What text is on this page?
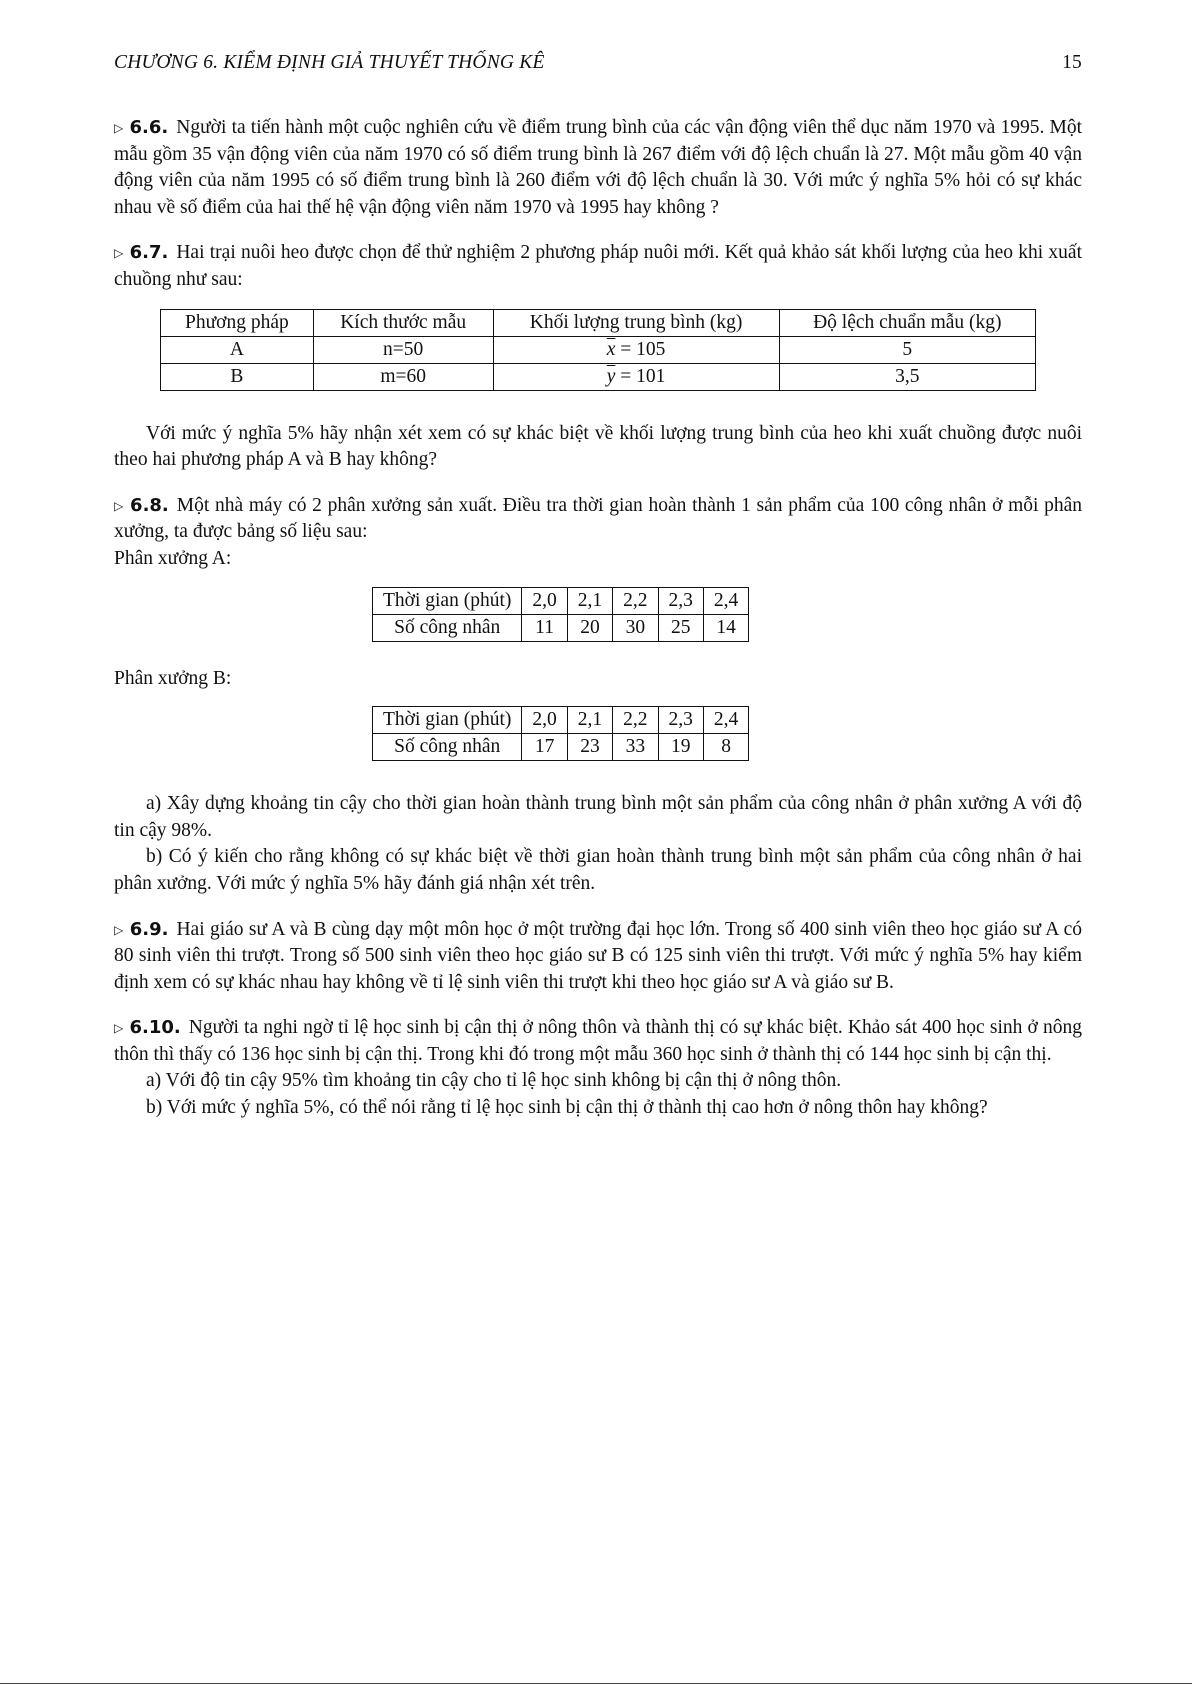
CHƯƠNG 6. KIỂM ĐỊNH GIẢ THUYẾT THỐNG KÊ	15

▷ 6.6. Người ta tiến hành một cuộc nghiên cứu về điểm trung bình của các vận động viên thể dục năm 1970 và 1995. Một mẫu gồm 35 vận động viên của năm 1970 có số điểm trung bình là 267 điểm với độ lệch chuẩn là 27. Một mẫu gồm 40 vận động viên của năm 1995 có số điểm trung bình là 260 điểm với độ lệch chuẩn là 30. Với mức ý nghĩa 5% hỏi có sự khác nhau về số điểm của hai thế hệ vận động viên năm 1970 và 1995 hay không ?

▷ 6.7. Hai trại nuôi heo được chọn để thử nghiệm 2 phương pháp nuôi mới. Kết quả khảo sát khối lượng của heo khi xuất chuồng như sau:

Phương pháp	Kích thước mẫu	Khối lượng trung bình (kg)	Độ lệch chuẩn mẫu (kg)
A	n=50	$\overline{x} = 105$	5
B	m=60	$\overline{y} = 101$	3,5

Với mức ý nghĩa 5% hãy nhận xét xem có sự khác biệt về khối lượng trung bình của heo khi xuất chuồng được nuôi theo hai phương pháp A và B hay không?

▷ 6.8. Một nhà máy có 2 phân xưởng sản xuất. Điều tra thời gian hoàn thành 1 sản phẩm của 100 công nhân ở mỗi phân xưởng, ta được bảng số liệu sau:

Phân xưởng A:

Thời gian (phút)	2,0	2,1	2,2	2,3	2,4
Số công nhân	11	20	30	25	14

Phân xưởng B:

Thời gian (phút)	2,0	2,1	2,2	2,3	2,4
Số công nhân	17	23	33	19	8

a) Xây dựng khoảng tin cậy cho thời gian hoàn thành trung bình một sản phẩm của công nhân ở phân xưởng A với độ tin cậy 98%.

b) Có ý kiến cho rằng không có sự khác biệt về thời gian hoàn thành trung bình một sản phẩm của công nhân ở hai phân xưởng. Với mức ý nghĩa 5% hãy đánh giá nhận xét trên.

▷ 6.9. Hai giáo sư A và B cùng dạy một môn học ở một trường đại học lớn. Trong số 400 sinh viên theo học giáo sư A có 80 sinh viên thi trượt. Trong số 500 sinh viên theo học giáo sư B có 125 sinh viên thi trượt. Với mức ý nghĩa 5% hay kiểm định xem có sự khác nhau hay không về tỉ lệ sinh viên thi trượt khi theo học giáo sư A và giáo sư B.

▷ 6.10. Người ta nghi ngờ tỉ lệ học sinh bị cận thị ở nông thôn và thành thị có sự khác biệt. Khảo sát 400 học sinh ở nông thôn thì thấy có 136 học sinh bị cận thị. Trong khi đó trong một mẫu 360 học sinh ở thành thị có 144 học sinh bị cận thị.

a) Với độ tin cậy 95% tìm khoảng tin cậy cho tỉ lệ học sinh không bị cận thị ở nông thôn.

b) Với mức ý nghĩa 5%, có thể nói rằng tỉ lệ học sinh bị cận thị ở thành thị cao hơn ở nông thôn hay không?
